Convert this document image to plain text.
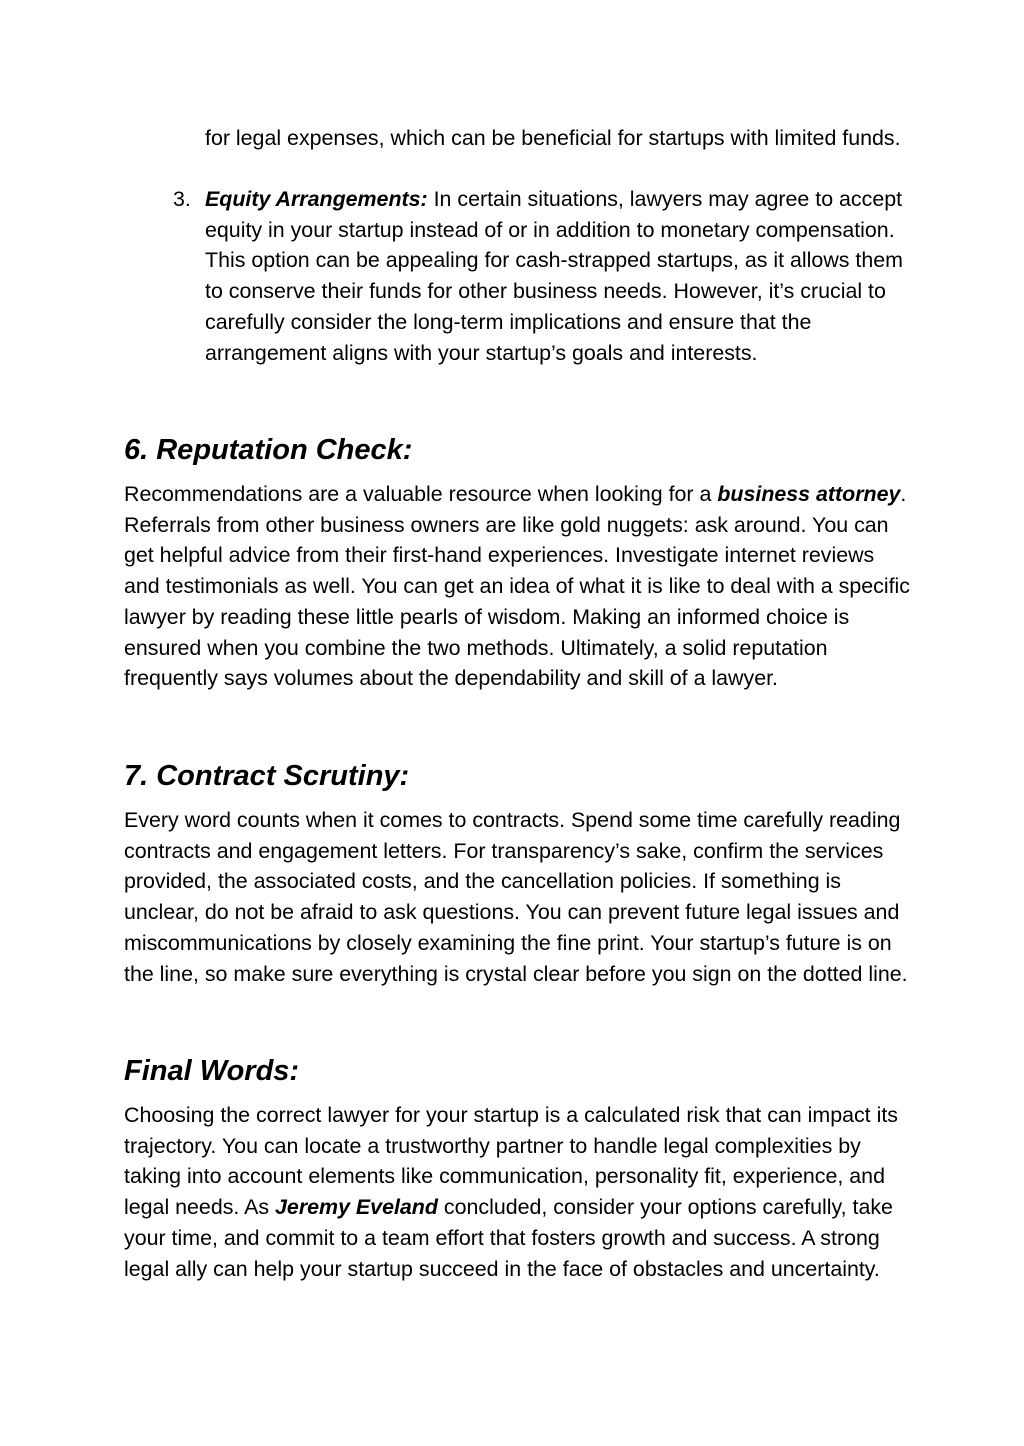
for legal expenses, which can be beneficial for startups with limited funds.

3. Equity Arrangements: In certain situations, lawyers may agree to accept equity in your startup instead of or in addition to monetary compensation. This option can be appealing for cash-strapped startups, as it allows them to conserve their funds for other business needs. However, it’s crucial to carefully consider the long-term implications and ensure that the arrangement aligns with your startup’s goals and interests.

6. Reputation Check:

Recommendations are a valuable resource when looking for a business attorney. Referrals from other business owners are like gold nuggets: ask around. You can get helpful advice from their first-hand experiences. Investigate internet reviews and testimonials as well. You can get an idea of what it is like to deal with a specific lawyer by reading these little pearls of wisdom. Making an informed choice is ensured when you combine the two methods. Ultimately, a solid reputation frequently says volumes about the dependability and skill of a lawyer.

7. Contract Scrutiny:

Every word counts when it comes to contracts. Spend some time carefully reading contracts and engagement letters. For transparency’s sake, confirm the services provided, the associated costs, and the cancellation policies. If something is unclear, do not be afraid to ask questions. You can prevent future legal issues and miscommunications by closely examining the fine print. Your startup’s future is on the line, so make sure everything is crystal clear before you sign on the dotted line.

Final Words:

Choosing the correct lawyer for your startup is a calculated risk that can impact its trajectory. You can locate a trustworthy partner to handle legal complexities by taking into account elements like communication, personality fit, experience, and legal needs. As Jeremy Eveland concluded, consider your options carefully, take your time, and commit to a team effort that fosters growth and success. A strong legal ally can help your startup succeed in the face of obstacles and uncertainty.
